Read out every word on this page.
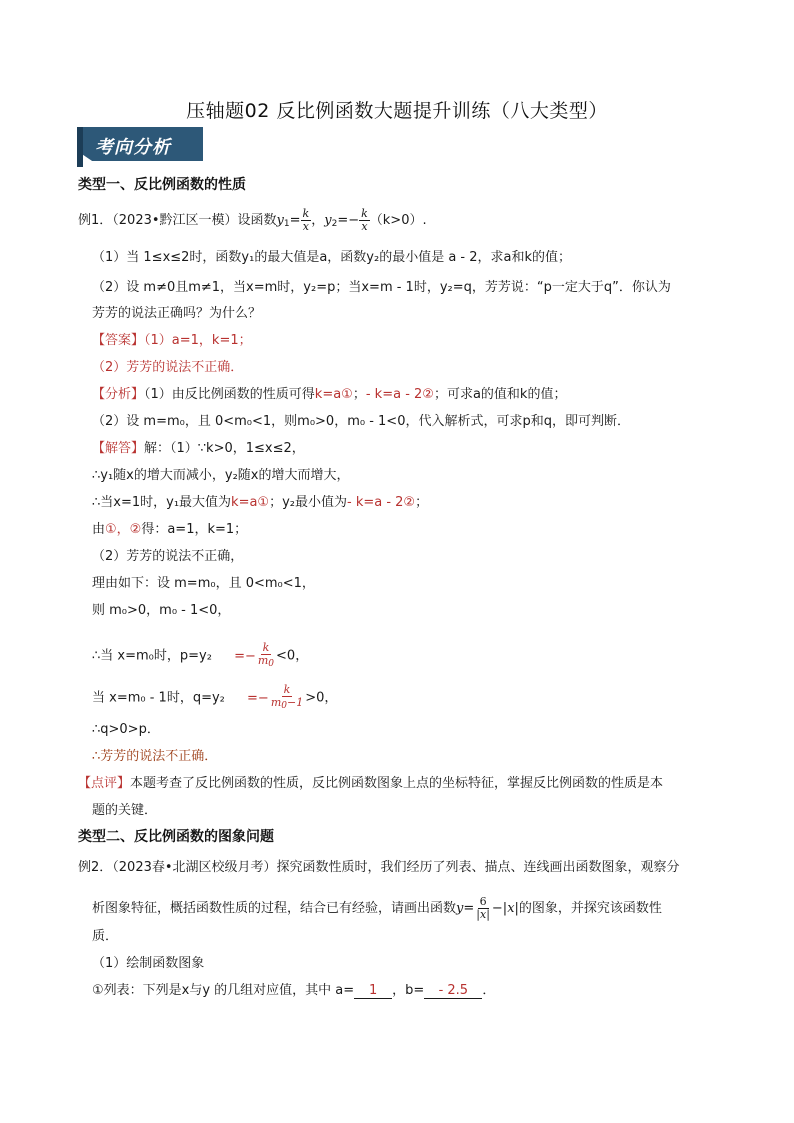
压轴题02 反比例函数大题提升训练（八大类型）
考向分析
类型一、反比例函数的性质
例1．（2023•黔江区一模）设函数$y_1= \frac{k}{x}$ ，$y_2=- \frac{k}{x} (k>0)$.
（1）当 1≤x≤2时，函数y₁的最大值是a，函数y₂的最小值是 a - 2，求a和k的值；
（2）设 m≠0且m≠1，当x=m时，y₂=p；当x=m - 1时，y₂=q，芳芳说：“p一定大于q”．你认为
芳芳的说法正确吗？为什么？
【答案】（1）a=1，k=1；
（2）芳芳的说法不正确．
【分析】（1）由反比例函数的性质可得k=a①；- k=a - 2②；可求a的值和k的值；
（2）设 m=m₀，且 0<m₀<1，则m₀>0，m₀ - 1<0，代入解析式，可求p和q，即可判断．
【解答】解：（1）∵k>0，1≤x≤2，
∴y₁随x的增大而减小，y₂随x的增大而增大，
∴当x=1时，y₁最大值为k=a①；y₂最小值为- k=a - 2②；
由①，②得：a=1，k=1；
（2）芳芳的说法不正确，
理由如下：设 m=m₀，且 0<m₀<1，
则 m₀>0，m₀ - 1<0，
∴当 x=m₀时，$p=y_2 =- \frac{k}{m_0} <0$，
当 x=m₀ - 1时，$q=y_2 =- \frac{k}{m_0-1} >0$，
∴q>0>p．
∴芳芳的说法不正确．
【点评】本题考查了反比例函数的性质，反比例函数图象上点的坐标特征，掌握反比例函数的性质是本
题的关键．
类型二、反比例函数的图象问题
例2．（2023春•北湖区校级月考）探究函数性质时，我们经历了列表、描点、连线画出函数图象，观察分
析图象特征，概括函数性质的过程，结合已有经验，请画出函数$y= \frac{6}{|x|} -|x|$的图象，并探究该函数性
质．
（1）绘制函数图象
①列表：下列是x与y 的几组对应值，其中 a= 1 ，b= - 2.5 ．
